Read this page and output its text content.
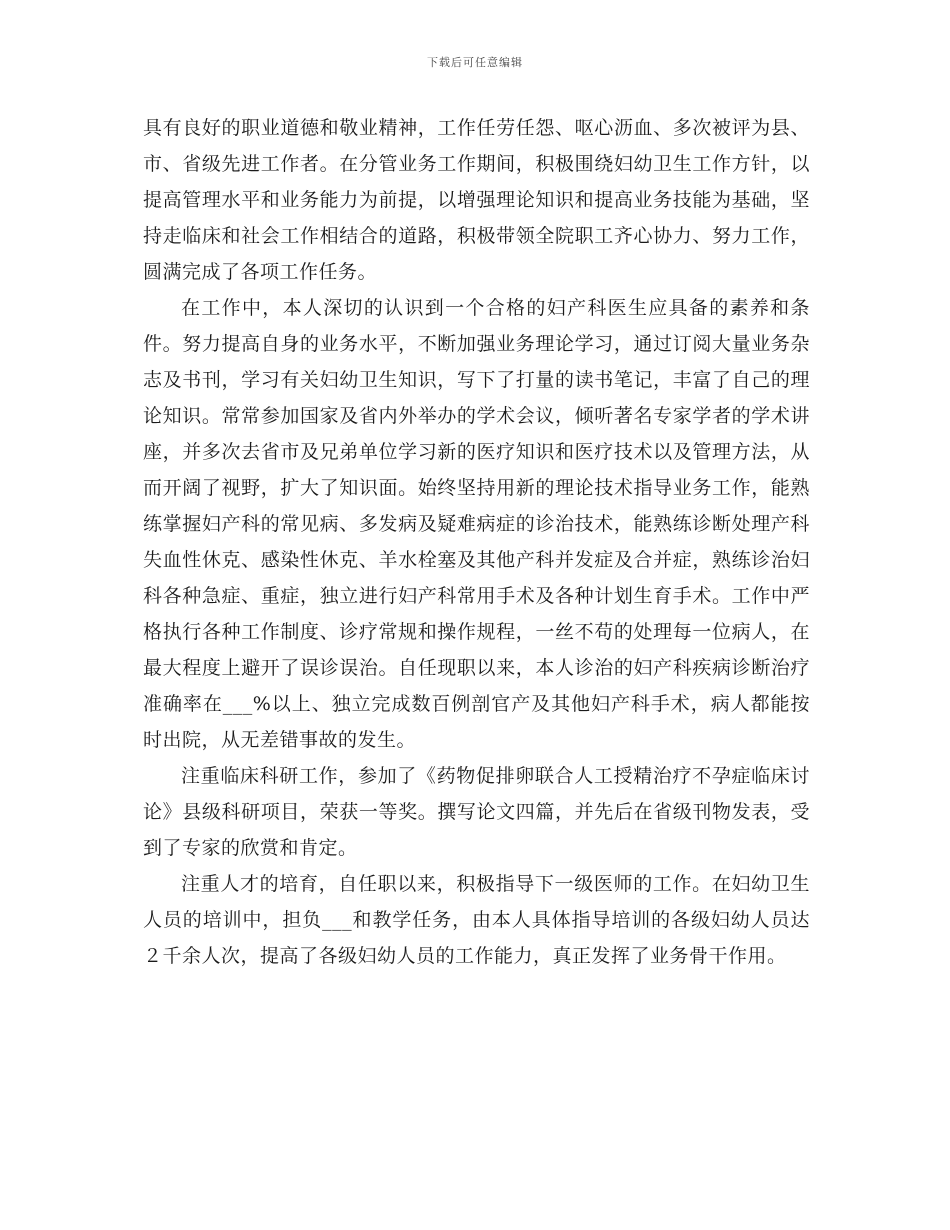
下载后可任意编辑

具有良好的职业道德和敬业精神，工作任劳任怨、呕心沥血、多次被评为县、市、省级先进工作者。在分管业务工作期间，积极围绕妇幼卫生工作方针，以提高管理水平和业务能力为前提，以增强理论知识和提高业务技能为基础，坚持走临床和社会工作相结合的道路，积极带领全院职工齐心协力、努力工作，圆满完成了各项工作任务。

在工作中，本人深切的认识到一个合格的妇产科医生应具备的素养和条件。努力提高自身的业务水平，不断加强业务理论学习，通过订阅大量业务杂志及书刊，学习有关妇幼卫生知识，写下了打量的读书笔记，丰富了自己的理论知识。常常参加国家及省内外举办的学术会议，倾听著名专家学者的学术讲座，并多次去省市及兄弟单位学习新的医疗知识和医疗技术以及管理方法，从而开阔了视野，扩大了知识面。始终坚持用新的理论技术指导业务工作，能熟练掌握妇产科的常见病、多发病及疑难病症的诊治技术，能熟练诊断处理产科失血性休克、感染性休克、羊水栓塞及其他产科并发症及合并症，熟练诊治妇科各种急症、重症，独立进行妇产科常用手术及各种计划生育手术。工作中严格执行各种工作制度、诊疗常规和操作规程，一丝不苟的处理每一位病人，在最大程度上避开了误诊误治。自任现职以来，本人诊治的妇产科疾病诊断治疗准确率在___%以上、独立完成数百例剖官产及其他妇产科手术，病人都能按时出院，从无差错事故的发生。

注重临床科研工作，参加了《药物促排卵联合人工授精治疗不孕症临床讨论》县级科研项目，荣获一等奖。撰写论文四篇，并先后在省级刊物发表，受到了专家的欣赏和肯定。

注重人才的培育，自任职以来，积极指导下一级医师的工作。在妇幼卫生人员的培训中，担负___和教学任务，由本人具体指导培训的各级妇幼人员达２千余人次，提高了各级妇幼人员的工作能力，真正发挥了业务骨干作用。
